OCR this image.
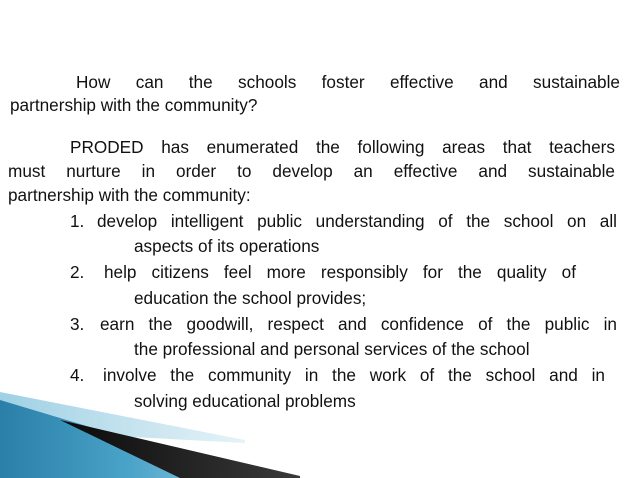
How can the schools foster effective and sustainable

partnership with the community?

PRODED has enumerated the following areas that teachers

must nurture in order to develop an effective and sustainable

partnership with the community:

1. develop intelligent public understanding of the school on all

aspects of its operations

2. help citizens feel more responsibly for the quality of

education the school provides;

3. earn the goodwill, respect and confidence of the public in

the professional and personal services of the school

4. involve the community in the work of the school and in

solving educational problems
